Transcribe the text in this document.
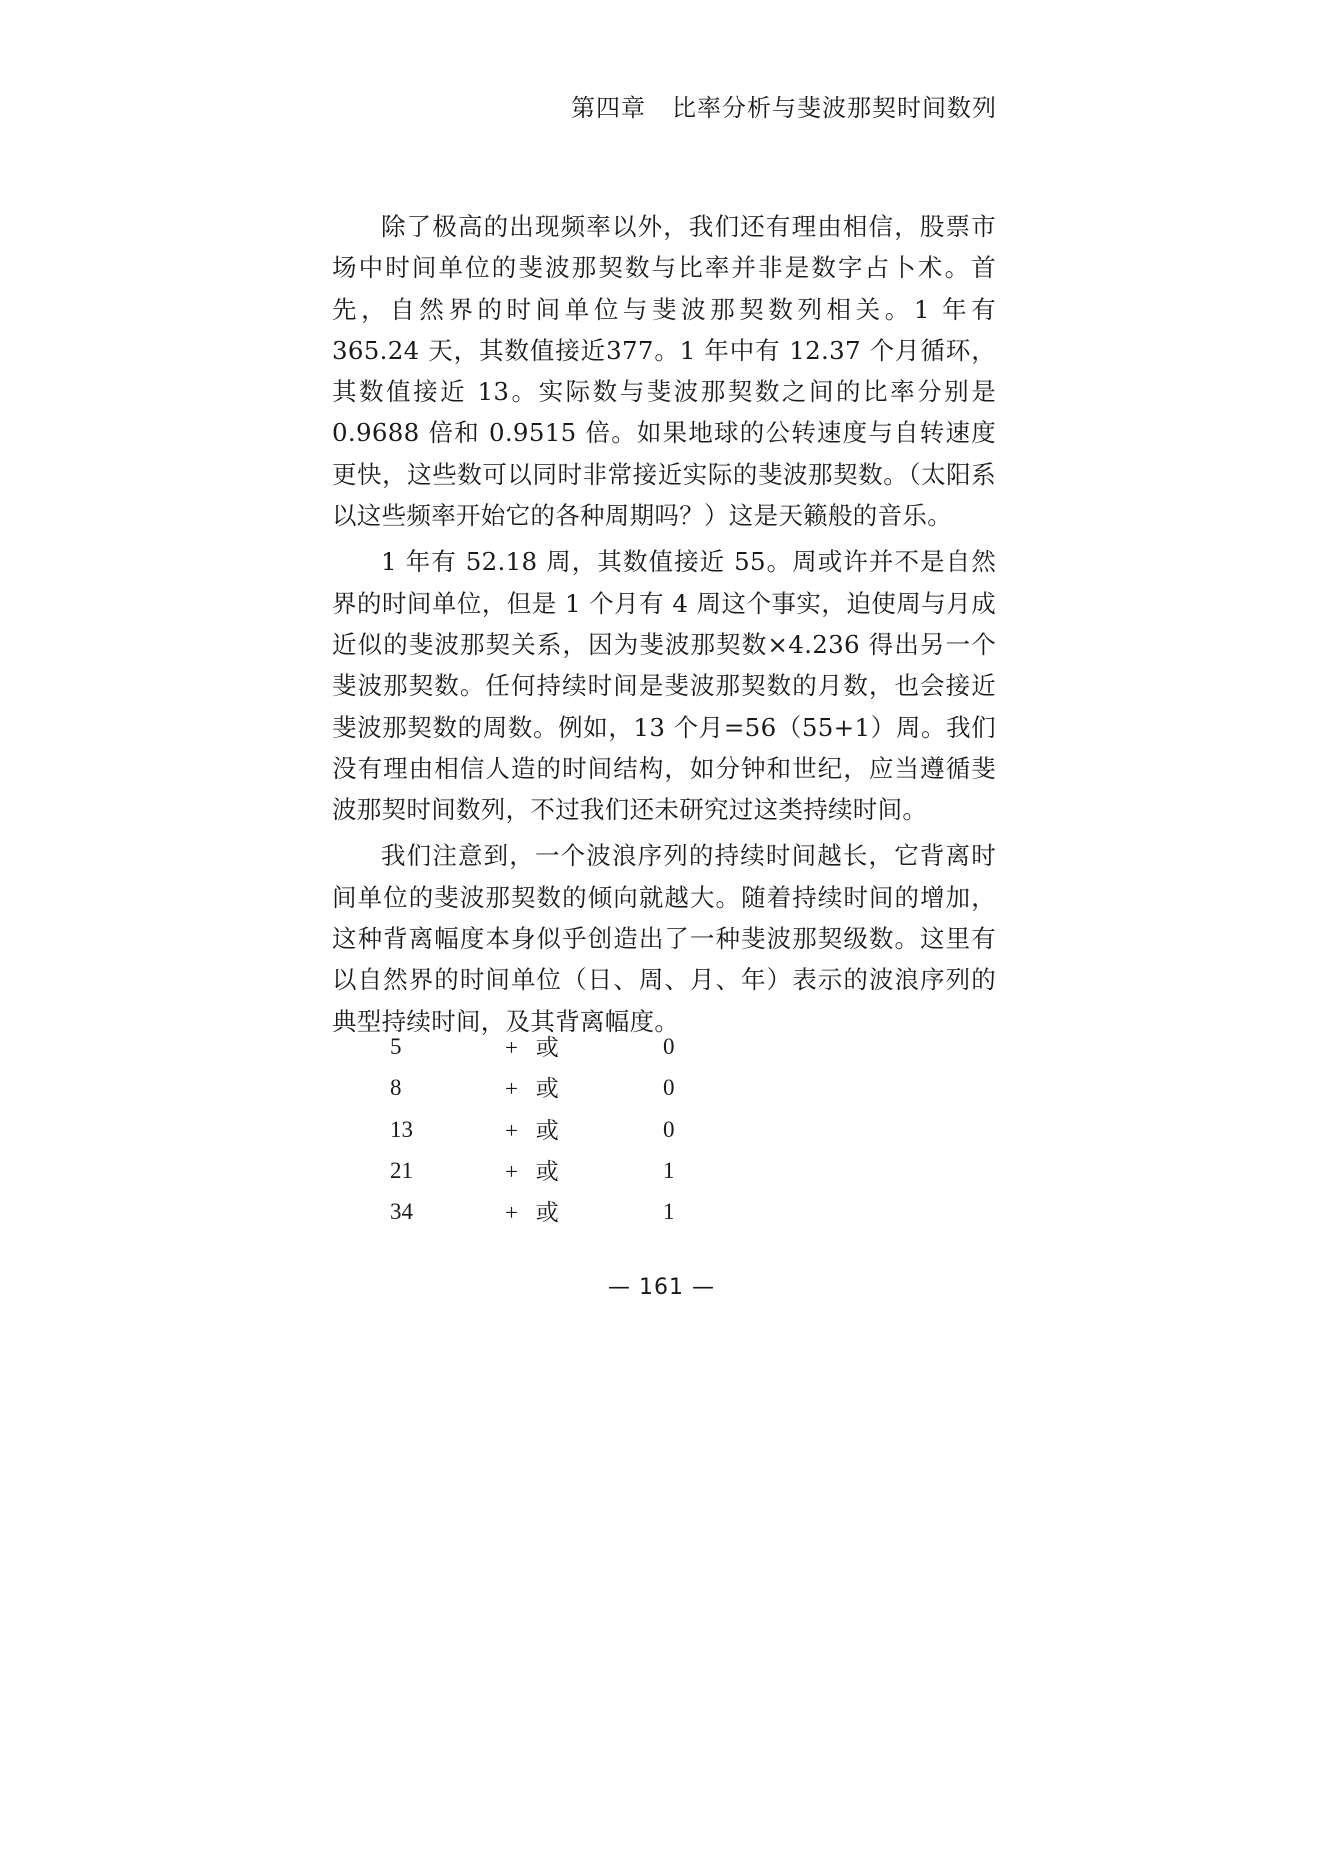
第四章 比率分析与斐波那契时间数列

除了极高的出现频率以外，我们还有理由相信，股票市场中时间单位的斐波那契数与比率并非是数字占卜术。首先，自然界的时间单位与斐波那契数列相关。1 年有 365.24 天，其数值接近377。1 年中有 12.37 个月循环，其数值接近 13。实际数与斐波那契数之间的比率分别是 0.9688 倍和 0.9515 倍。如果地球的公转速度与自转速度更快，这些数可以同时非常接近实际的斐波那契数。（太阳系以这些频率开始它的各种周期吗？）这是天籁般的音乐。

1 年有 52.18 周，其数值接近 55。周或许并不是自然界的时间单位，但是 1 个月有 4 周这个事实，迫使周与月成近似的斐波那契关系，因为斐波那契数×4.236 得出另一个斐波那契数。任何持续时间是斐波那契数的月数，也会接近斐波那契数的周数。例如，13 个月=56（55+1）周。我们没有理由相信人造的时间结构，如分钟和世纪，应当遵循斐波那契时间数列，不过我们还未研究过这类持续时间。

我们注意到，一个波浪序列的持续时间越长，它背离时间单位的斐波那契数的倾向就越大。随着持续时间的增加，这种背离幅度本身似乎创造出了一种斐波那契级数。这里有以自然界的时间单位（日、周、月、年）表示的波浪序列的典型持续时间，及其背离幅度。

5	+ 或	0
8	+ 或	0
13	+ 或	0
21	+ 或	1
34	+ 或	1
— 161 —
